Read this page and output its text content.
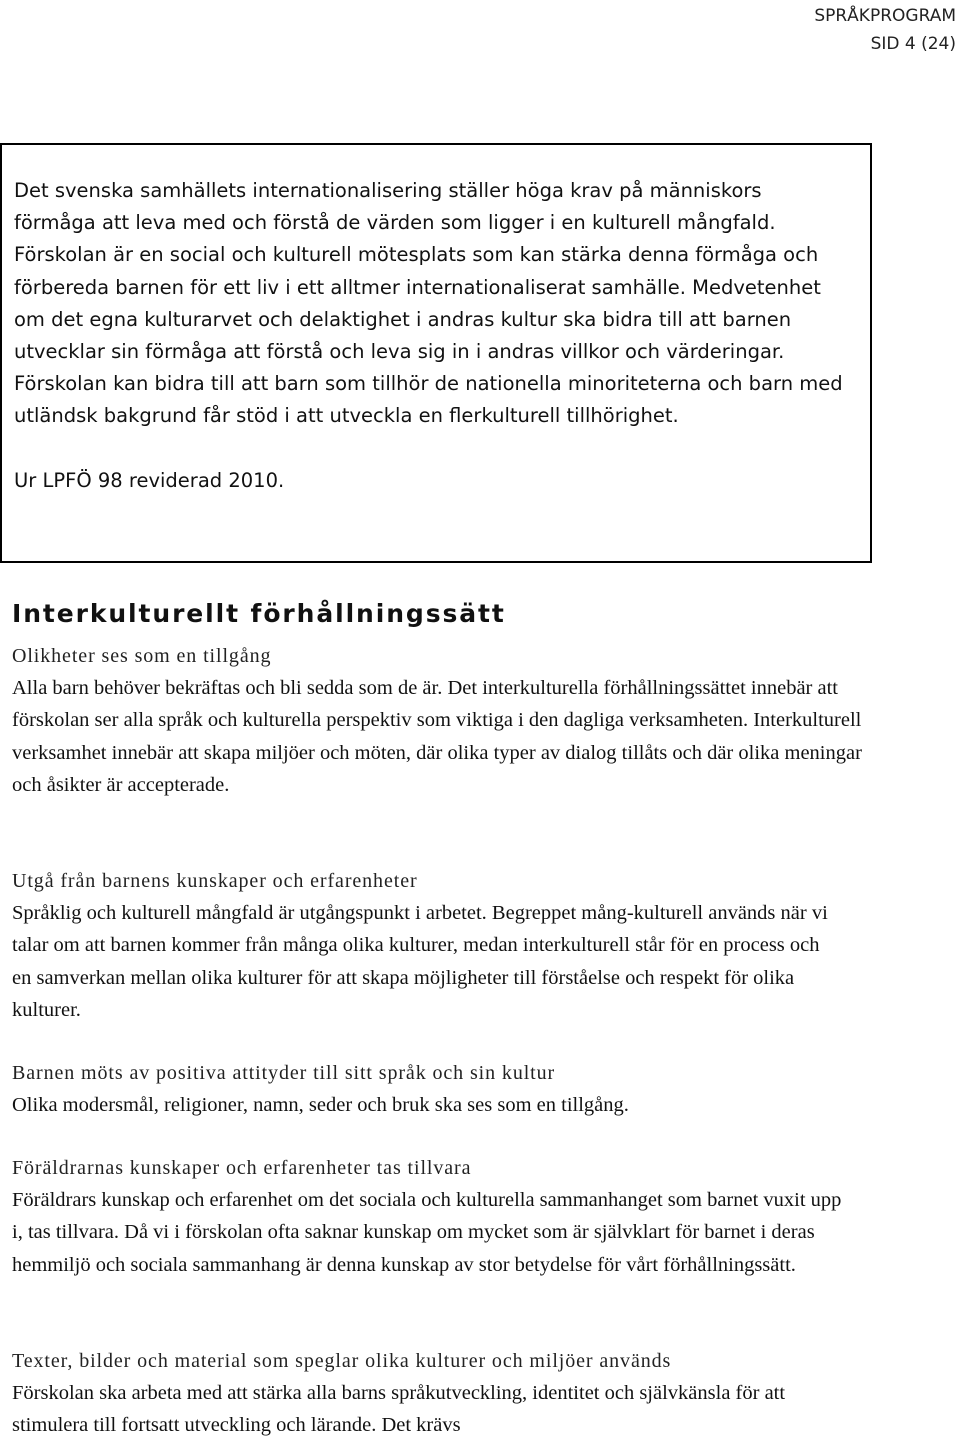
SPRÅKPROGRAM
SID 4 (24)

Det svenska samhällets internationalisering ställer höga krav på människors förmåga att leva med och förstå de värden som ligger i en kulturell mångfald. Förskolan är en social och kulturell mötesplats som kan stärka denna förmåga och förbereda barnen för ett liv i ett alltmer internationaliserat samhälle. Medvetenhet om det egna kulturarvet och delaktighet i andras kultur ska bidra till att barnen utvecklar sin förmåga att förstå och leva sig in i andras villkor och värderingar. Förskolan kan bidra till att barn som tillhör de nationella minoriteterna och barn med utländsk bakgrund får stöd i att utveckla en flerkulturell tillhörighet.

Ur LPFÖ 98 reviderad 2010.

Interkulturellt förhållningssätt
Olikheter ses som en tillgång

Alla barn behöver bekräftas och bli sedda som de är. Det interkulturella förhållningssättet innebär att förskolan ser alla språk och kulturella perspektiv som viktiga i den dagliga verksamheten. Interkulturell verksamhet innebär att skapa miljöer och möten, där olika typer av dialog tillåts och där olika meningar och åsikter är accepterade.

Utgå från barnens kunskaper och erfarenheter

Språklig och kulturell mångfald är utgångspunkt i arbetet. Begreppet mång-kulturell används när vi talar om att barnen kommer från många olika kulturer, medan interkulturell står för en process och en samverkan mellan olika kulturer för att skapa möjligheter till förståelse och respekt för olika kulturer.

Barnen möts av positiva attityder till sitt språk och sin kultur

Olika modersmål, religioner, namn, seder och bruk ska ses som en tillgång.

Föräldrarnas kunskaper och erfarenheter tas tillvara

Föräldrars kunskap och erfarenhet om det sociala och kulturella sammanhanget som barnet vuxit upp i, tas tillvara. Då vi i förskolan ofta saknar kunskap om mycket som är självklart för barnet i deras hemmiljö och sociala sammanhang är denna kunskap av stor betydelse för vårt förhållningssätt.

Texter, bilder och material som speglar olika kulturer och miljöer används

Förskolan ska arbeta med att stärka alla barns språkutveckling, identitet och självkänsla för att stimulera till fortsatt utveckling och lärande. Det krävs
